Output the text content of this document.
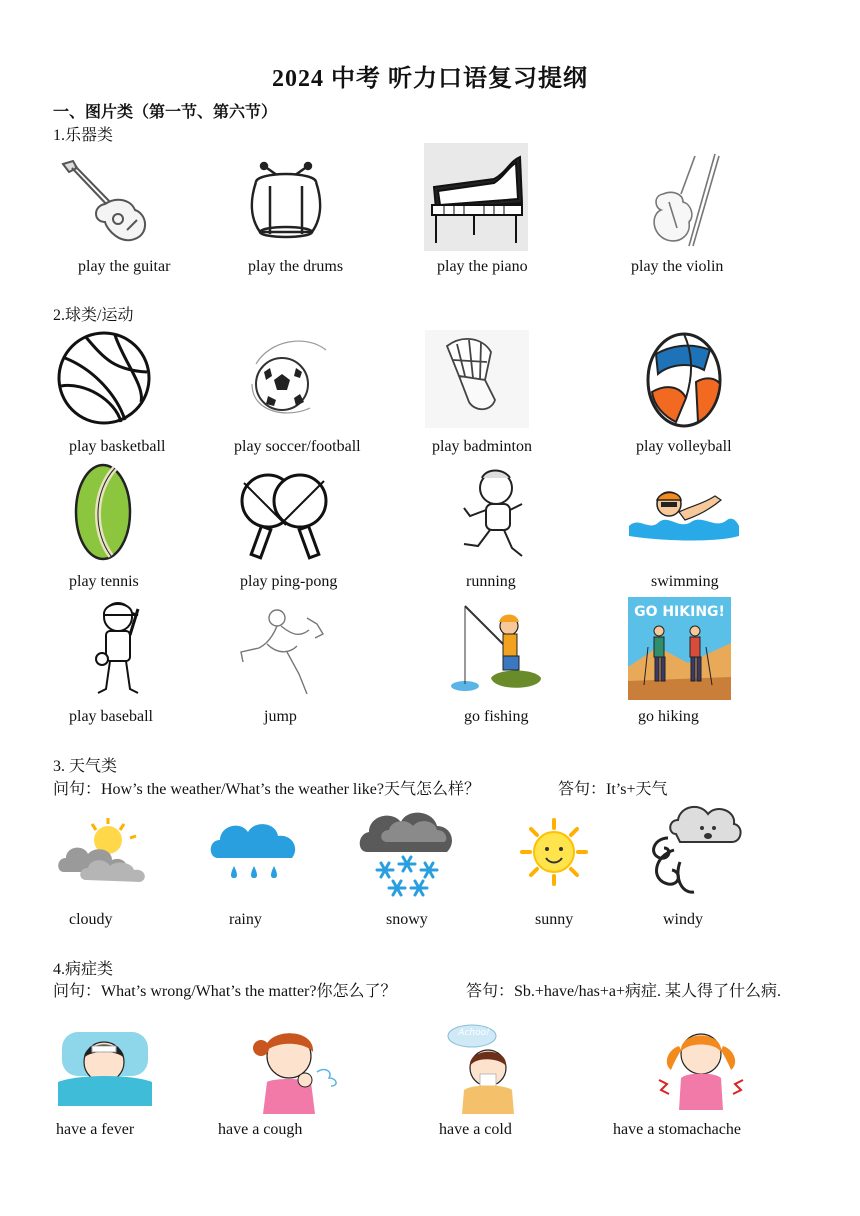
2024 中考 听力口语复习提纲
一、图片类（第一节、第六节）
1.乐器类
play the guitar	play the drums	play the piano	play the violin
2.球类/运动
play basketball	play soccer/football	play badminton	play volleyball
play tennis	play ping-pong	running	swimming
GO HIKING!
play baseball	jump	go fishing	go hiking
3. 天气类
问句：How’s the weather/What’s the weather like?天气怎么样？	答句：It’s+天气
cloudy	rainy	snowy	sunny	windy
4.病症类
问句：What’s wrong/What’s the matter?你怎么了？	答句：Sb.+have/has+a+病症. 某人得了什么病.
Achoo!
have a fever	have a cough	have a cold	have a stomachache
